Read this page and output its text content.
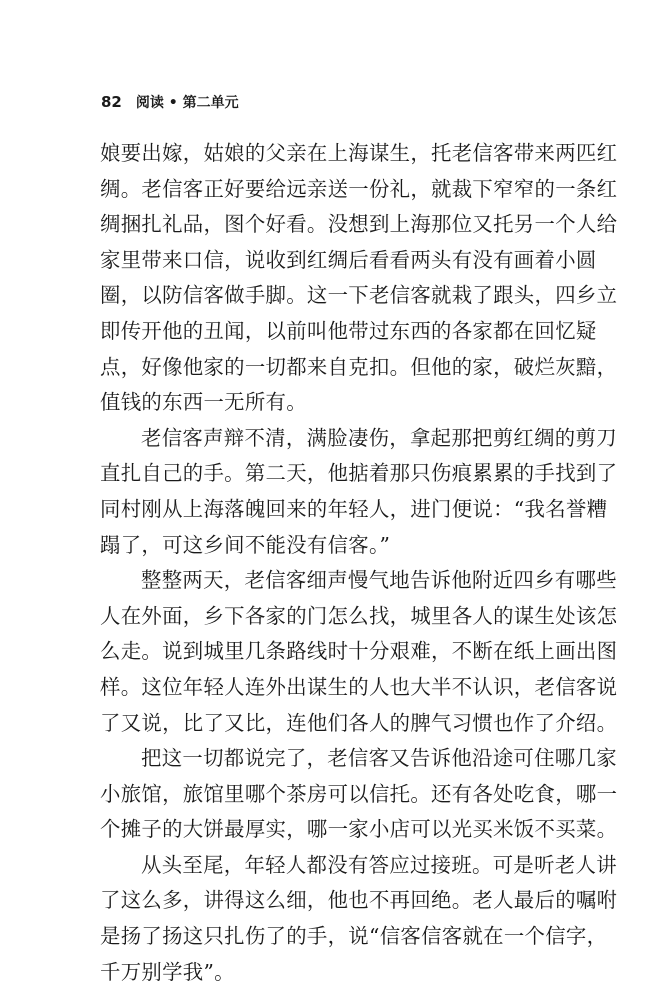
82 阅读 • 第二单元
娘要出嫁，姑娘的父亲在上海谋生，托老信客带来两匹红
绸。老信客正好要给远亲送一份礼，就裁下窄窄的一条红
绸捆扎礼品，图个好看。没想到上海那位又托另一个人给
家里带来口信，说收到红绸后看看两头有没有画着小圆
圈，以防信客做手脚。这一下老信客就栽了跟头，四乡立
即传开他的丑闻，以前叫他带过东西的各家都在回忆疑
点，好像他家的一切都来自克扣。但他的家，破烂灰黯，
值钱的东西一无所有。
老信客声辩不清，满脸凄伤，拿起那把剪红绸的剪刀
直扎自己的手。第二天，他掂着那只伤痕累累的手找到了
同村刚从上海落魄回来的年轻人，进门便说：“我名誉糟
蹋了，可这乡间不能没有信客。”
整整两天，老信客细声慢气地告诉他附近四乡有哪些
人在外面，乡下各家的门怎么找，城里各人的谋生处该怎
么走。说到城里几条路线时十分艰难，不断在纸上画出图
样。这位年轻人连外出谋生的人也大半不认识，老信客说
了又说，比了又比，连他们各人的脾气习惯也作了介绍。
把这一切都说完了，老信客又告诉他沿途可住哪几家
小旅馆，旅馆里哪个茶房可以信托。还有各处吃食，哪一
个摊子的大饼最厚实，哪一家小店可以光买米饭不买菜。
从头至尾，年轻人都没有答应过接班。可是听老人讲
了这么多，讲得这么细，他也不再回绝。老人最后的嘱咐
是扬了扬这只扎伤了的手，说“信客信客就在一个信字，
千万别学我”。
